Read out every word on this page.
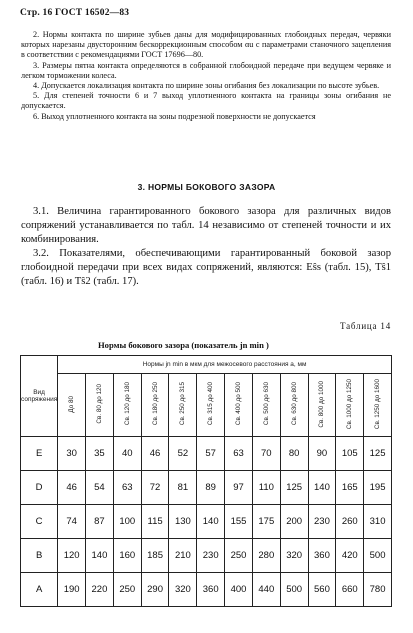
Стр. 16 ГОСТ 16502—83

2. Нормы контакта по ширине зубьев даны для модифицированных глобоидных передач, червяки которых нарезаны двусторонним бескоррекционным способом αu с параметрами станочного зацепления в соответствии с рекомендациями ГОСТ 17696—80.

3. Размеры пятна контакта определяются в собранной глобоидной передаче при ведущем червяке и легком торможении колеса.

4. Допускается локализация контакта по ширине зоны огибания без локализации по высоте зубьев.

5. Для степеней точности 6 и 7 выход уплотненного контакта на границы зоны огибания не допускается.

6. Выход уплотненного контакта на зоны подрезной поверхности не допускается

3. НОРМЫ БОКОВОГО ЗАЗОРА

3.1. Величина гарантированного бокового зазора для различных видов сопряжений устанавливается по табл. 14 независимо от степеней точности и их комбинирования.

3.2. Показателями, обеспечивающими гарантированный боковой зазор глобоидной передачи при всех видах сопряжений, являются: Eŝs (табл. 15), Tŝ1 (табл. 16) и Tŝ2 (табл. 17).

Таблица 14
Нормы бокового зазора (показатель jn min )
Вид сопряжения	Нормы jn min в мкм для межосевого расстояния a, мм											
	До 80	Св. 80 до 120	Св. 120 до 180	Св. 180 до 250	Св. 250 до 315	Св. 315 до 400	Св. 400 до 500	Св. 500 до 630	Св. 630 до 800	Св. 800 до 1000	Св. 1000 до 1250	Св. 1250 до 1600
E	30	35	40	46	52	57	63	70	80	90	105	125
D	46	54	63	72	81	89	97	110	125	140	165	195
C	74	87	100	115	130	140	155	175	200	230	260	310
B	120	140	160	185	210	230	250	280	320	360	420	500
A	190	220	250	290	320	360	400	440	500	560	660	780
